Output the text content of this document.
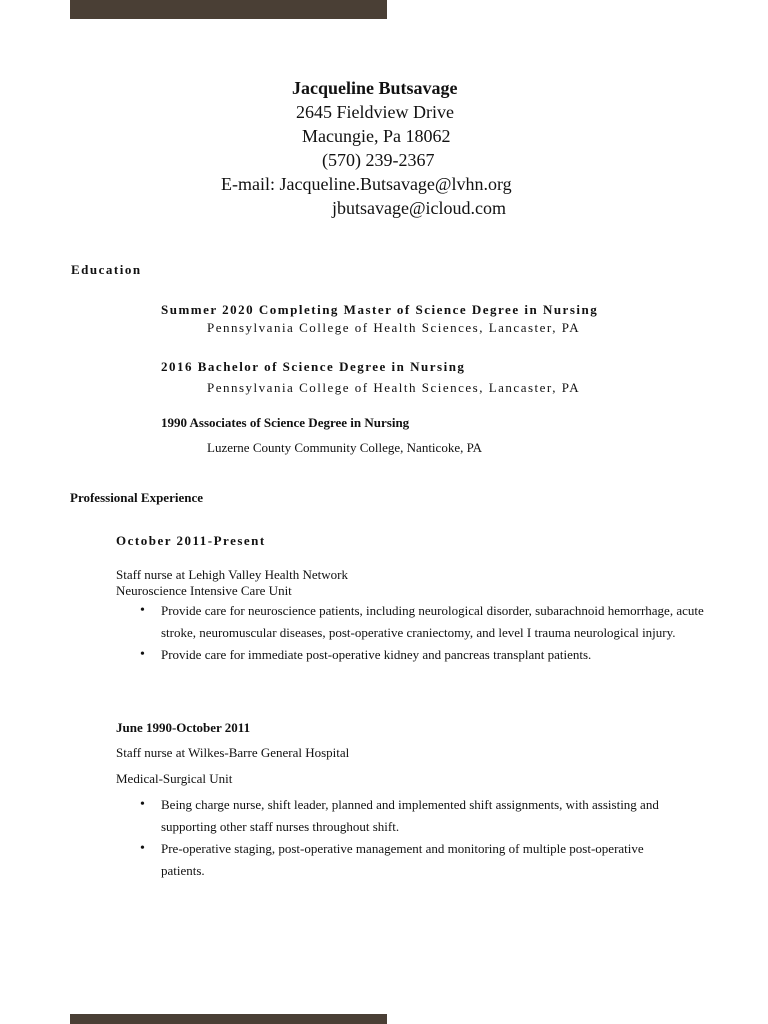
Jacqueline Butsavage
2645 Fieldview Drive
Macungie, Pa 18062
(570) 239-2367
E-mail: Jacqueline.Butsavage@lvhn.org
jbutsavage@icloud.com
Education
Summer 2020 Completing Master of Science Degree in Nursing
Pennsylvania College of Health Sciences, Lancaster, PA
2016 Bachelor of Science Degree in Nursing
Pennsylvania College of Health Sciences, Lancaster, PA
1990 Associates of Science Degree in Nursing
Luzerne County Community College, Nanticoke, PA
Professional Experience
October 2011-Present
Staff nurse at Lehigh Valley Health Network
Neuroscience Intensive Care Unit
• Provide care for neuroscience patients, including neurological disorder, subarachnoid hemorrhage, acute stroke, neuromuscular diseases, post-operative craniectomy, and level I trauma neurological injury.
• Provide care for immediate post-operative kidney and pancreas transplant patients.
June 1990-October 2011
Staff nurse at Wilkes-Barre General Hospital
Medical-Surgical Unit
• Being charge nurse, shift leader, planned and implemented shift assignments, with assisting and supporting other staff nurses throughout shift.
• Pre-operative staging, post-operative management and monitoring of multiple post-operative patients.
